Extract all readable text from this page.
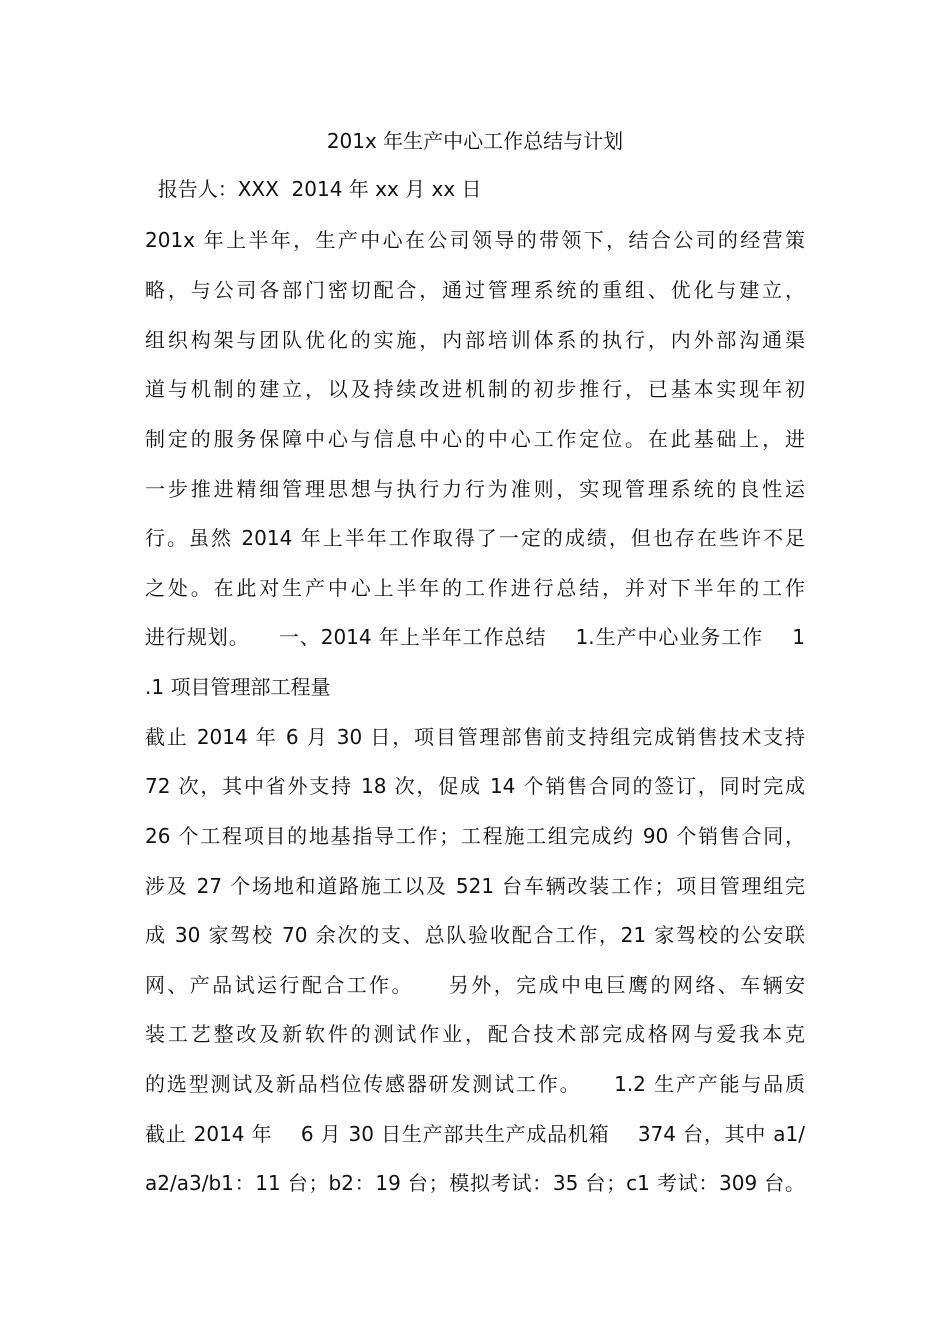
201x 年生产中心工作总结与计划
报告人：XXX  2014 年 xx 月 xx 日
201x 年上半年，生产中心在公司领导的带领下，结合公司的经营策
略，与公司各部门密切配合，通过管理系统的重组、优化与建立，
组织构架与团队优化的实施，内部培训体系的执行，内外部沟通渠
道与机制的建立，以及持续改进机制的初步推行，已基本实现年初
制定的服务保障中心与信息中心的中心工作定位。在此基础上，进
一步推进精细管理思想与执行力行为准则，实现管理系统的良性运
行。虽然 2014 年上半年工作取得了一定的成绩，但也存在些许不足
之处。在此对生产中心上半年的工作进行总结，并对下半年的工作
进行规划。    一、2014 年上半年工作总结    1.生产中心业务工作    1
.1 项目管理部工程量
截止 2014 年 6 月 30 日，项目管理部售前支持组完成销售技术支持
72 次，其中省外支持 18 次，促成 14 个销售合同的签订，同时完成
26 个工程项目的地基指导工作；工程施工组完成约 90 个销售合同，
涉及 27 个场地和道路施工以及 521 台车辆改装工作；项目管理组完
成 30 家驾校 70 余次的支、总队验收配合工作，21 家驾校的公安联
网、产品试运行配合工作。    另外，完成中电巨鹰的网络、车辆安
装工艺整改及新软件的测试作业，配合技术部完成格网与爱我本克
的选型测试及新品档位传感器研发测试工作。    1.2 生产产能与品质
截止 2014 年    6 月 30 日生产部共生产成品机箱    374 台，其中 a1/
a2/a3/b1：11 台；b2：19 台；模拟考试：35 台；c1 考试：309 台。
